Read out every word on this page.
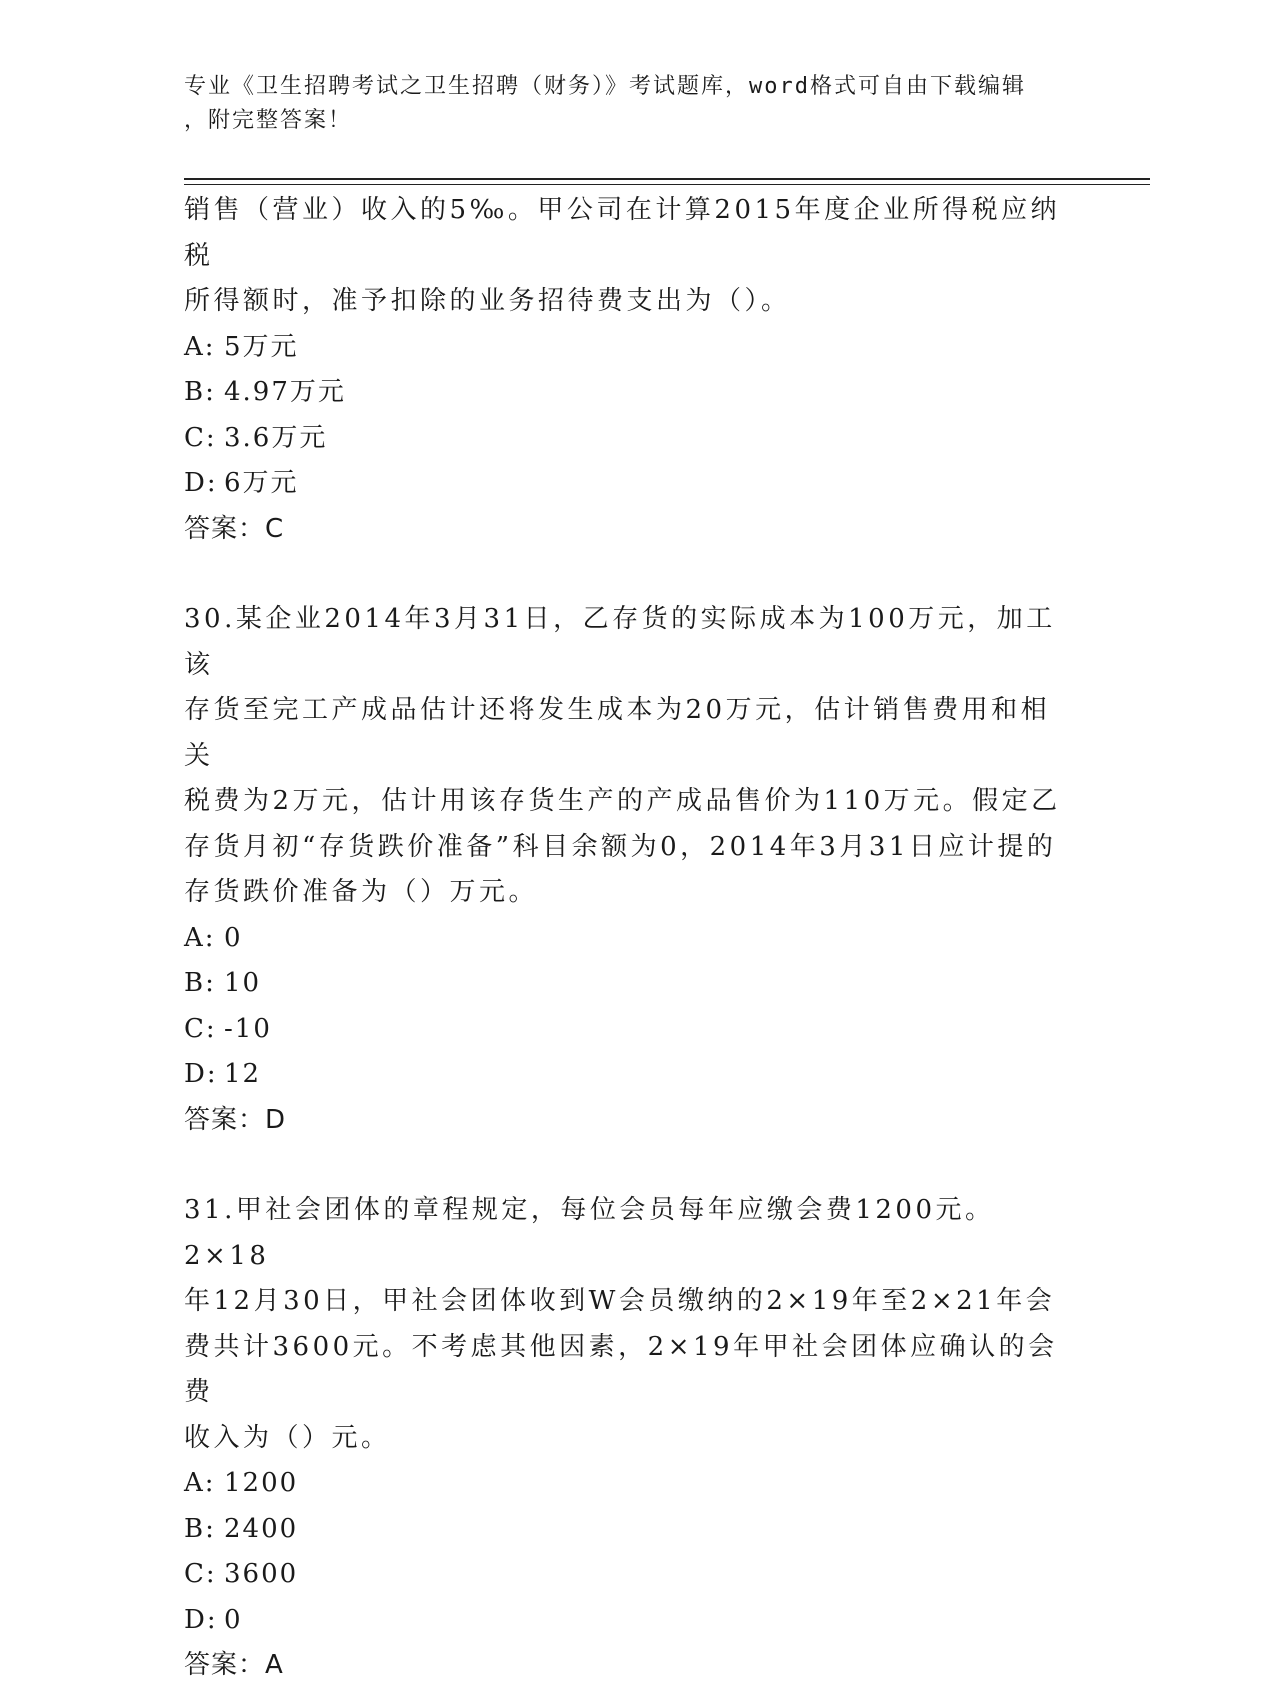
专业《卫生招聘考试之卫生招聘（财务）》考试题库，word格式可自由下载编辑
，附完整答案！

销售（营业）收入的5‰。甲公司在计算2015年度企业所得税应纳税

所得额时，准予扣除的业务招待费支出为（）。

A: 5万元

B: 4.97万元

C: 3.6万元

D: 6万元

答案：C

30.某企业2014年3月31日，乙存货的实际成本为100万元，加工该

存货至完工产成品估计还将发生成本为20万元，估计销售费用和相关

税费为2万元，估计用该存货生产的产成品售价为110万元。假定乙

存货月初“存货跌价准备”科目余额为0，2014年3月31日应计提的

存货跌价准备为（）万元。

A: 0

B: 10

C: -10

D: 12

答案：D

31.甲社会团体的章程规定，每位会员每年应缴会费1200元。2×18

年12月30日，甲社会团体收到W会员缴纳的2×19年至2×21年会

费共计3600元。不考虑其他因素，2×19年甲社会团体应确认的会费

收入为（）元。

A: 1200

B: 2400

C: 3600

D: 0

答案：A
